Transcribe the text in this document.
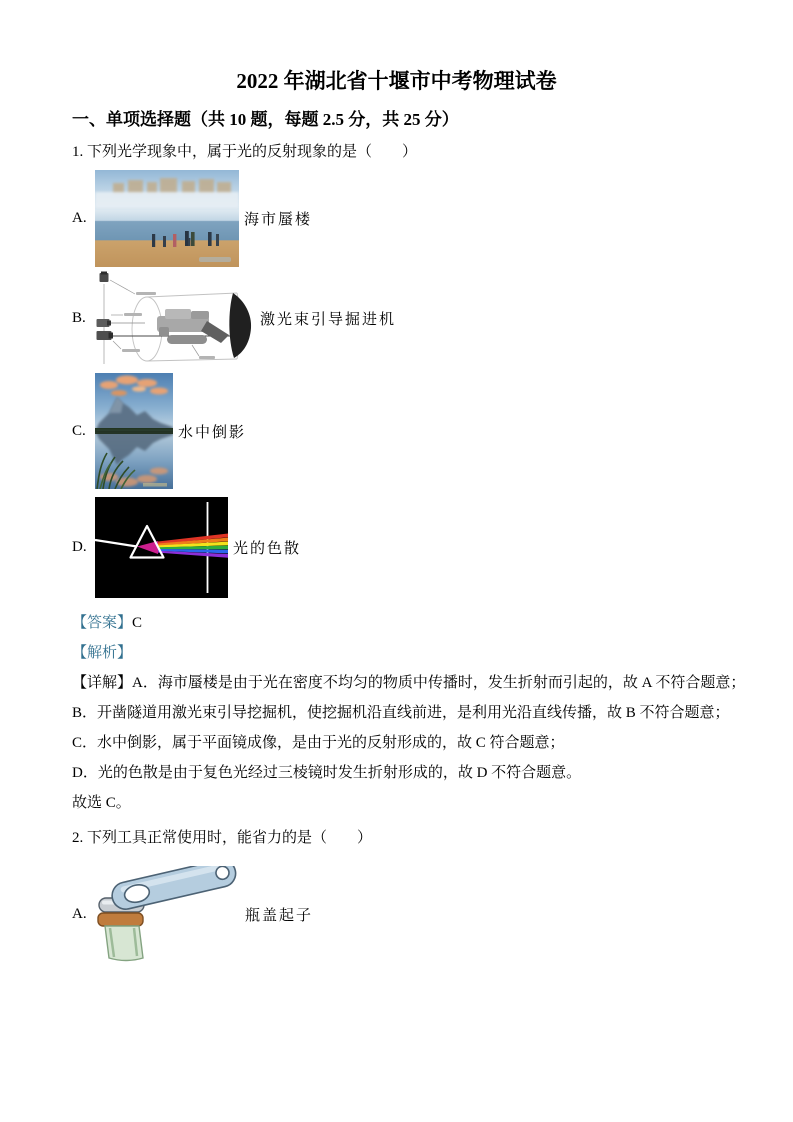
2022 年湖北省十堰市中考物理试卷
一、单项选择题（共 10 题，每题 2.5 分，共 25 分）

1. 下列光学现象中，属于光的反射现象的是（　　）

A.	海市蜃楼
B.	激光束引导掘进机
C.	水中倒影
D.	光的色散

【答案】C

【解析】

【详解】A．海市蜃楼是由于光在密度不均匀的物质中传播时，发生折射而引起的，故 A 不符合题意；

B．开凿隧道用激光束引导挖掘机，使挖掘机沿直线前进，是利用光沿直线传播，故 B 不符合题意；

C．水中倒影，属于平面镜成像，是由于光的反射形成的，故 C 符合题意；

D．光的色散是由于复色光经过三棱镜时发生折射形成的，故 D 不符合题意。

故选 C。

2. 下列工具正常使用时，能省力的是（　　）

A.	瓶盖起子
